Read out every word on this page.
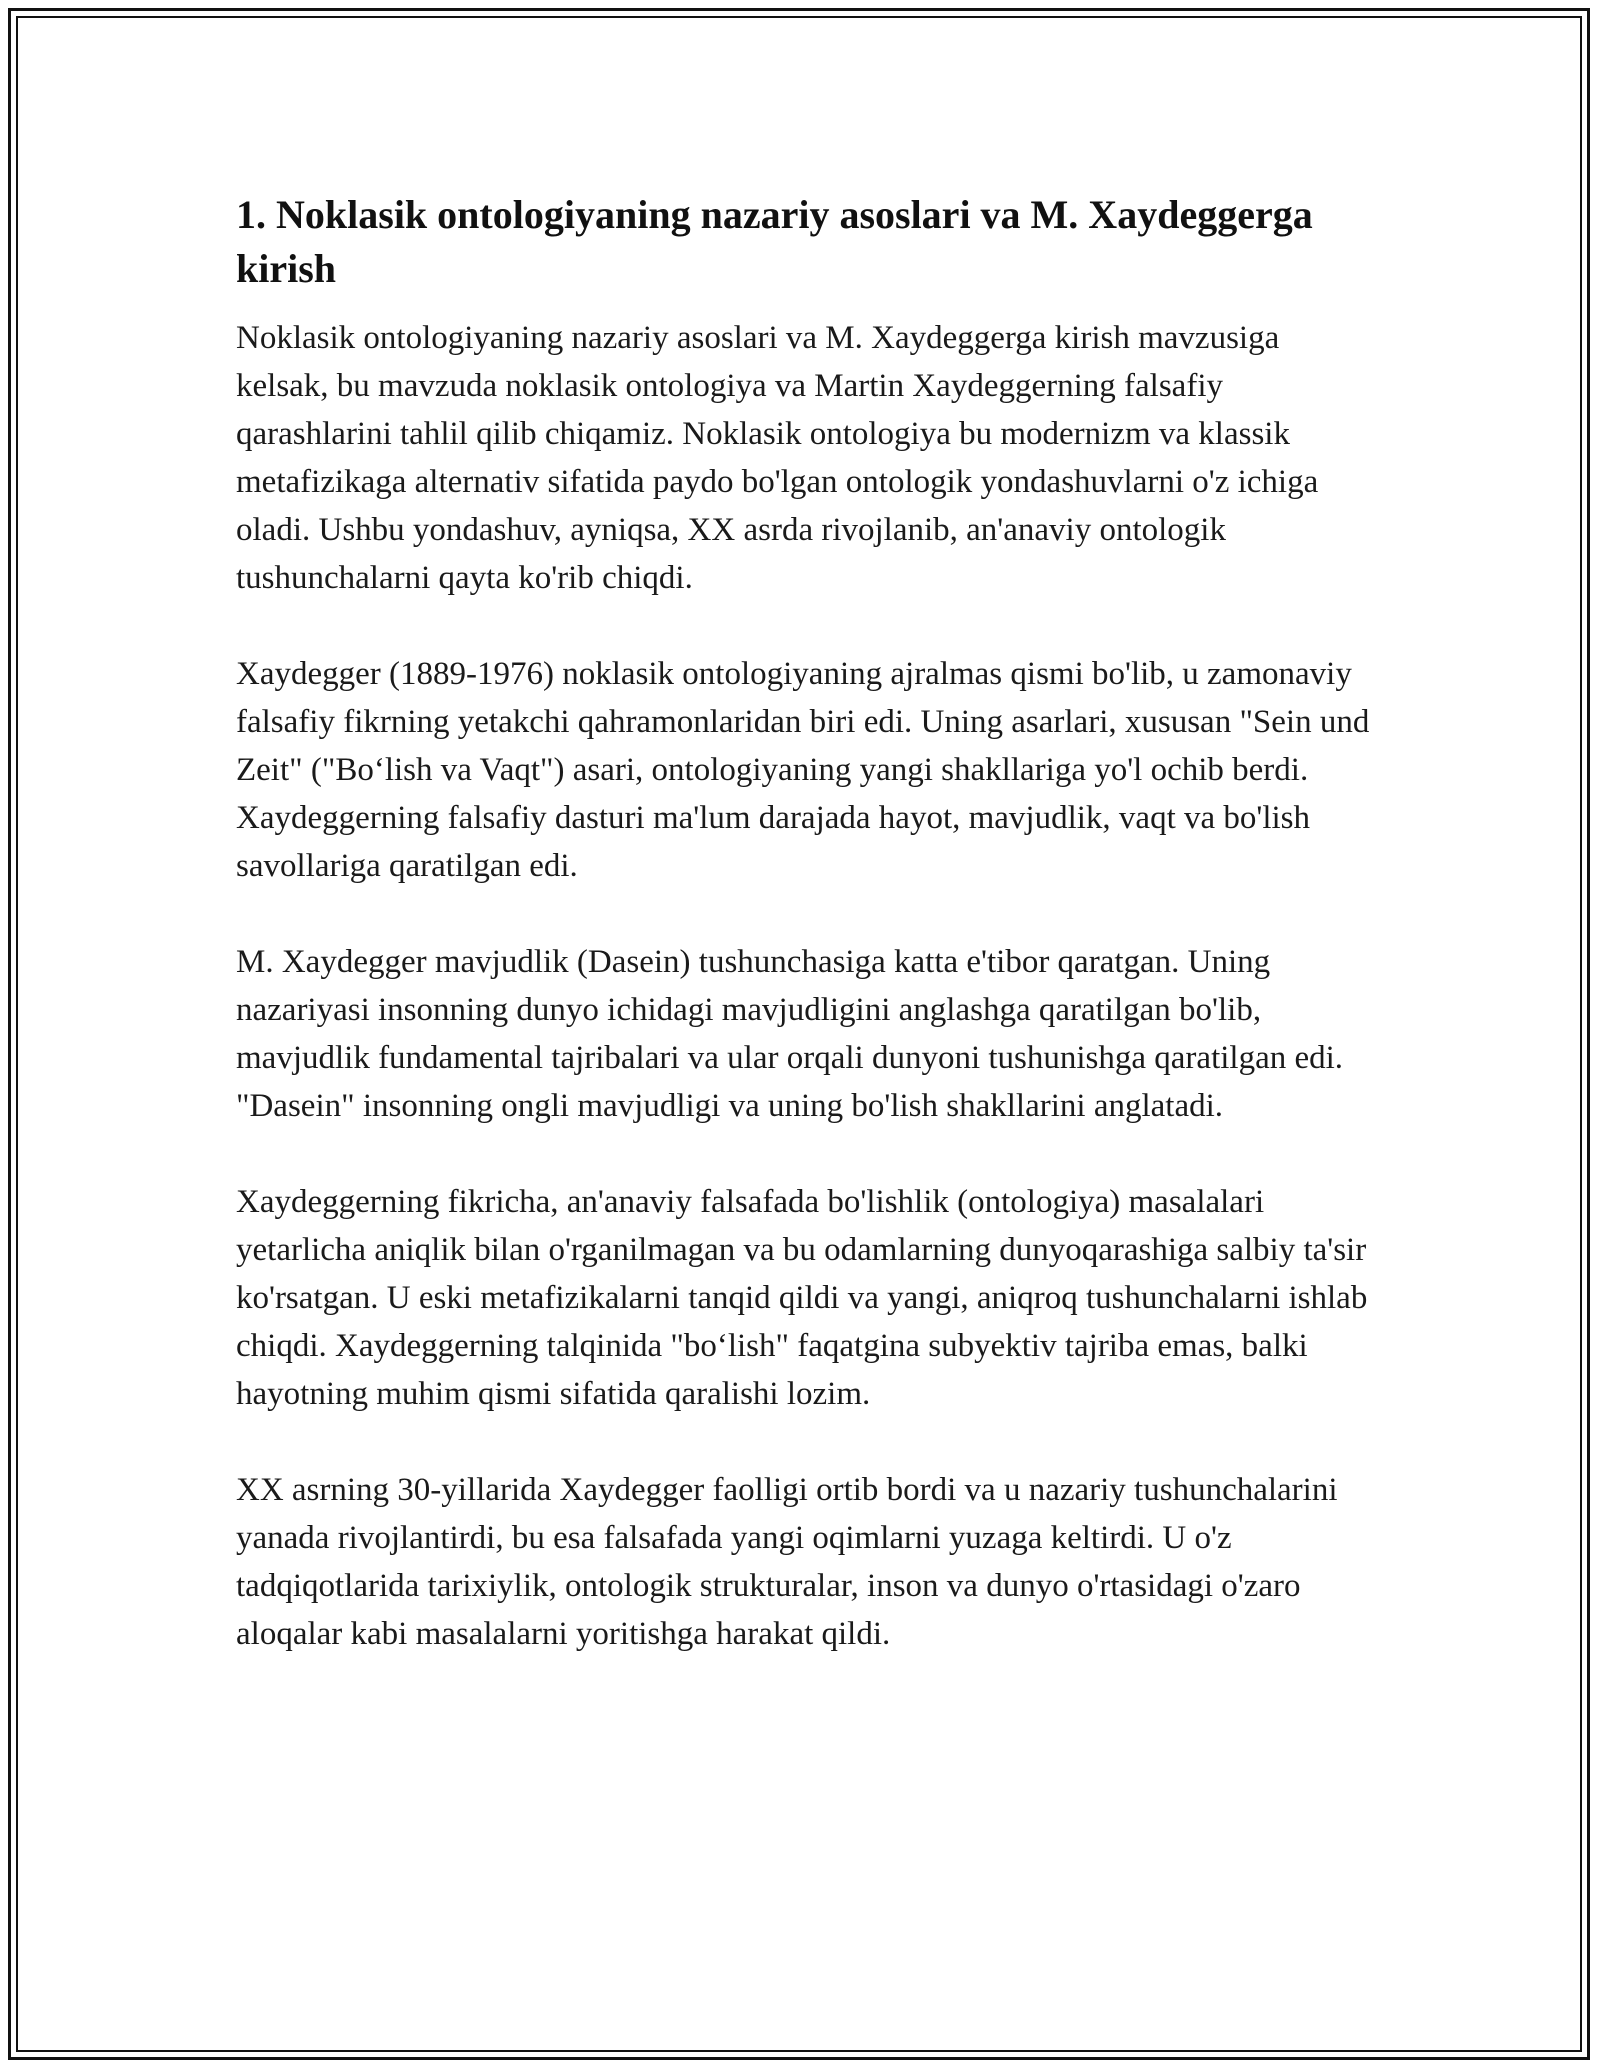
1. Noklasik ontologiyaning nazariy asoslari va M. Xaydeggerga kirish

Noklasik ontologiyaning nazariy asoslari va M. Xaydeggerga kirish mavzusiga kelsak, bu mavzuda noklasik ontologiya va Martin Xaydeggerning falsafiy qarashlarini tahlil qilib chiqamiz. Noklasik ontologiya bu modernizm va klassik metafizikaga alternativ sifatida paydo bo'lgan ontologik yondashuvlarni o'z ichiga oladi. Ushbu yondashuv, ayniqsa, XX asrda rivojlanib, an'anaviy ontologik tushunchalarni qayta ko'rib chiqdi.

Xaydegger (1889-1976) noklasik ontologiyaning ajralmas qismi bo'lib, u zamonaviy falsafiy fikrning yetakchi qahramonlaridan biri edi. Uning asarlari, xususan "Sein und Zeit" ("Bo‘lish va Vaqt") asari, ontologiyaning yangi shakllariga yo'l ochib berdi. Xaydeggerning falsafiy dasturi ma'lum darajada hayot, mavjudlik, vaqt va bo'lish savollariga qaratilgan edi.

M. Xaydegger mavjudlik (Dasein) tushunchasiga katta e'tibor qaratgan. Uning nazariyasi insonning dunyo ichidagi mavjudligini anglashga qaratilgan bo'lib, mavjudlik fundamental tajribalari va ular orqali dunyoni tushunishga qaratilgan edi. "Dasein" insonning ongli mavjudligi va uning bo'lish shakllarini anglatadi.

Xaydeggerning fikricha, an'anaviy falsafada bo'lishlik (ontologiya) masalalari yetarlicha aniqlik bilan o'rganilmagan va bu odamlarning dunyoqarashiga salbiy ta'sir ko'rsatgan. U eski metafizikalarni tanqid qildi va yangi, aniqroq tushunchalarni ishlab chiqdi. Xaydeggerning talqinida "bo‘lish" faqatgina subyektiv tajriba emas, balki hayotning muhim qismi sifatida qaralishi lozim.

XX asrning 30-yillarida Xaydegger faolligi ortib bordi va u nazariy tushunchalarini yanada rivojlantirdi, bu esa falsafada yangi oqimlarni yuzaga keltirdi. U o'z tadqiqotlarida tarixiylik, ontologik strukturalar, inson va dunyo o'rtasidagi o'zaro aloqalar kabi masalalarni yoritishga harakat qildi.
